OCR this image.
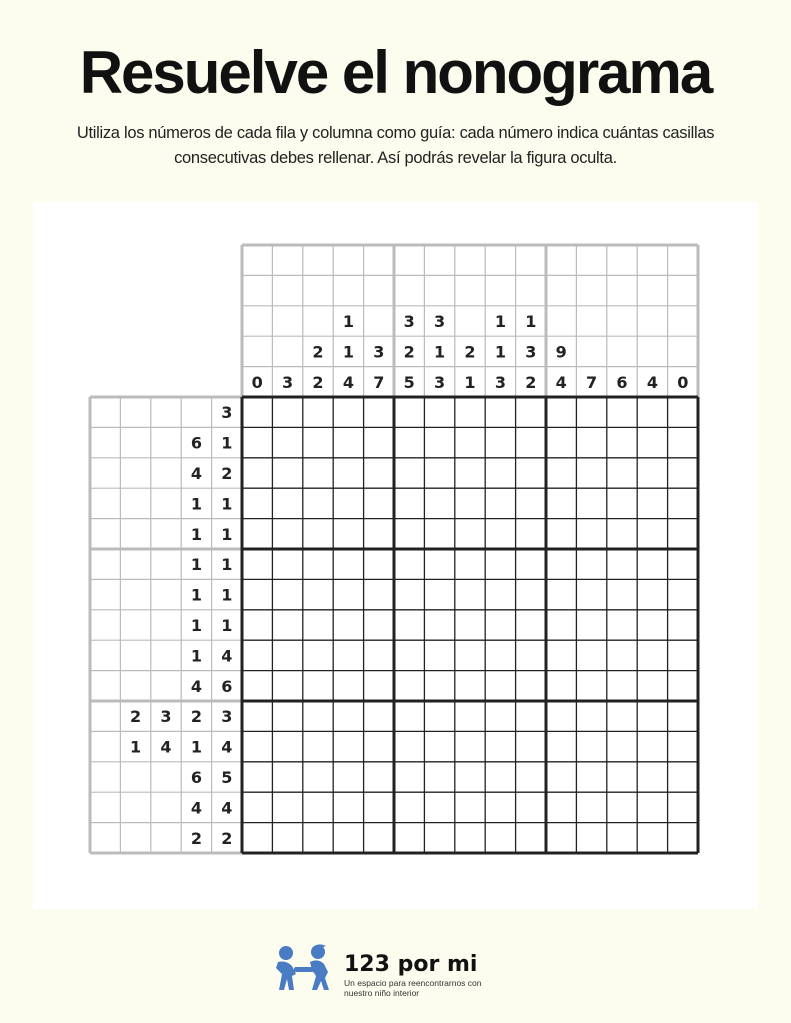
Resuelve el nonograma
Utiliza los números de cada fila y columna como guía: cada número indica cuántas casillas
consecutivas debes rellenar. Así podrás revelar la figura oculta.
0 3
2
2
1
1
4
3
7
3
2
5
3
1
3
2
1
1
1
3
1
3
2
9
4 7 6 4 0
3
6 1
4 2
1 1
1 1
1 1
1 1
1 1
1 4
4 6
2 3 2 3
1 4 1 4
6 5
4 4
2 2
123 por mi
Un espacio para reencontrarnos con nuestro niño interior
